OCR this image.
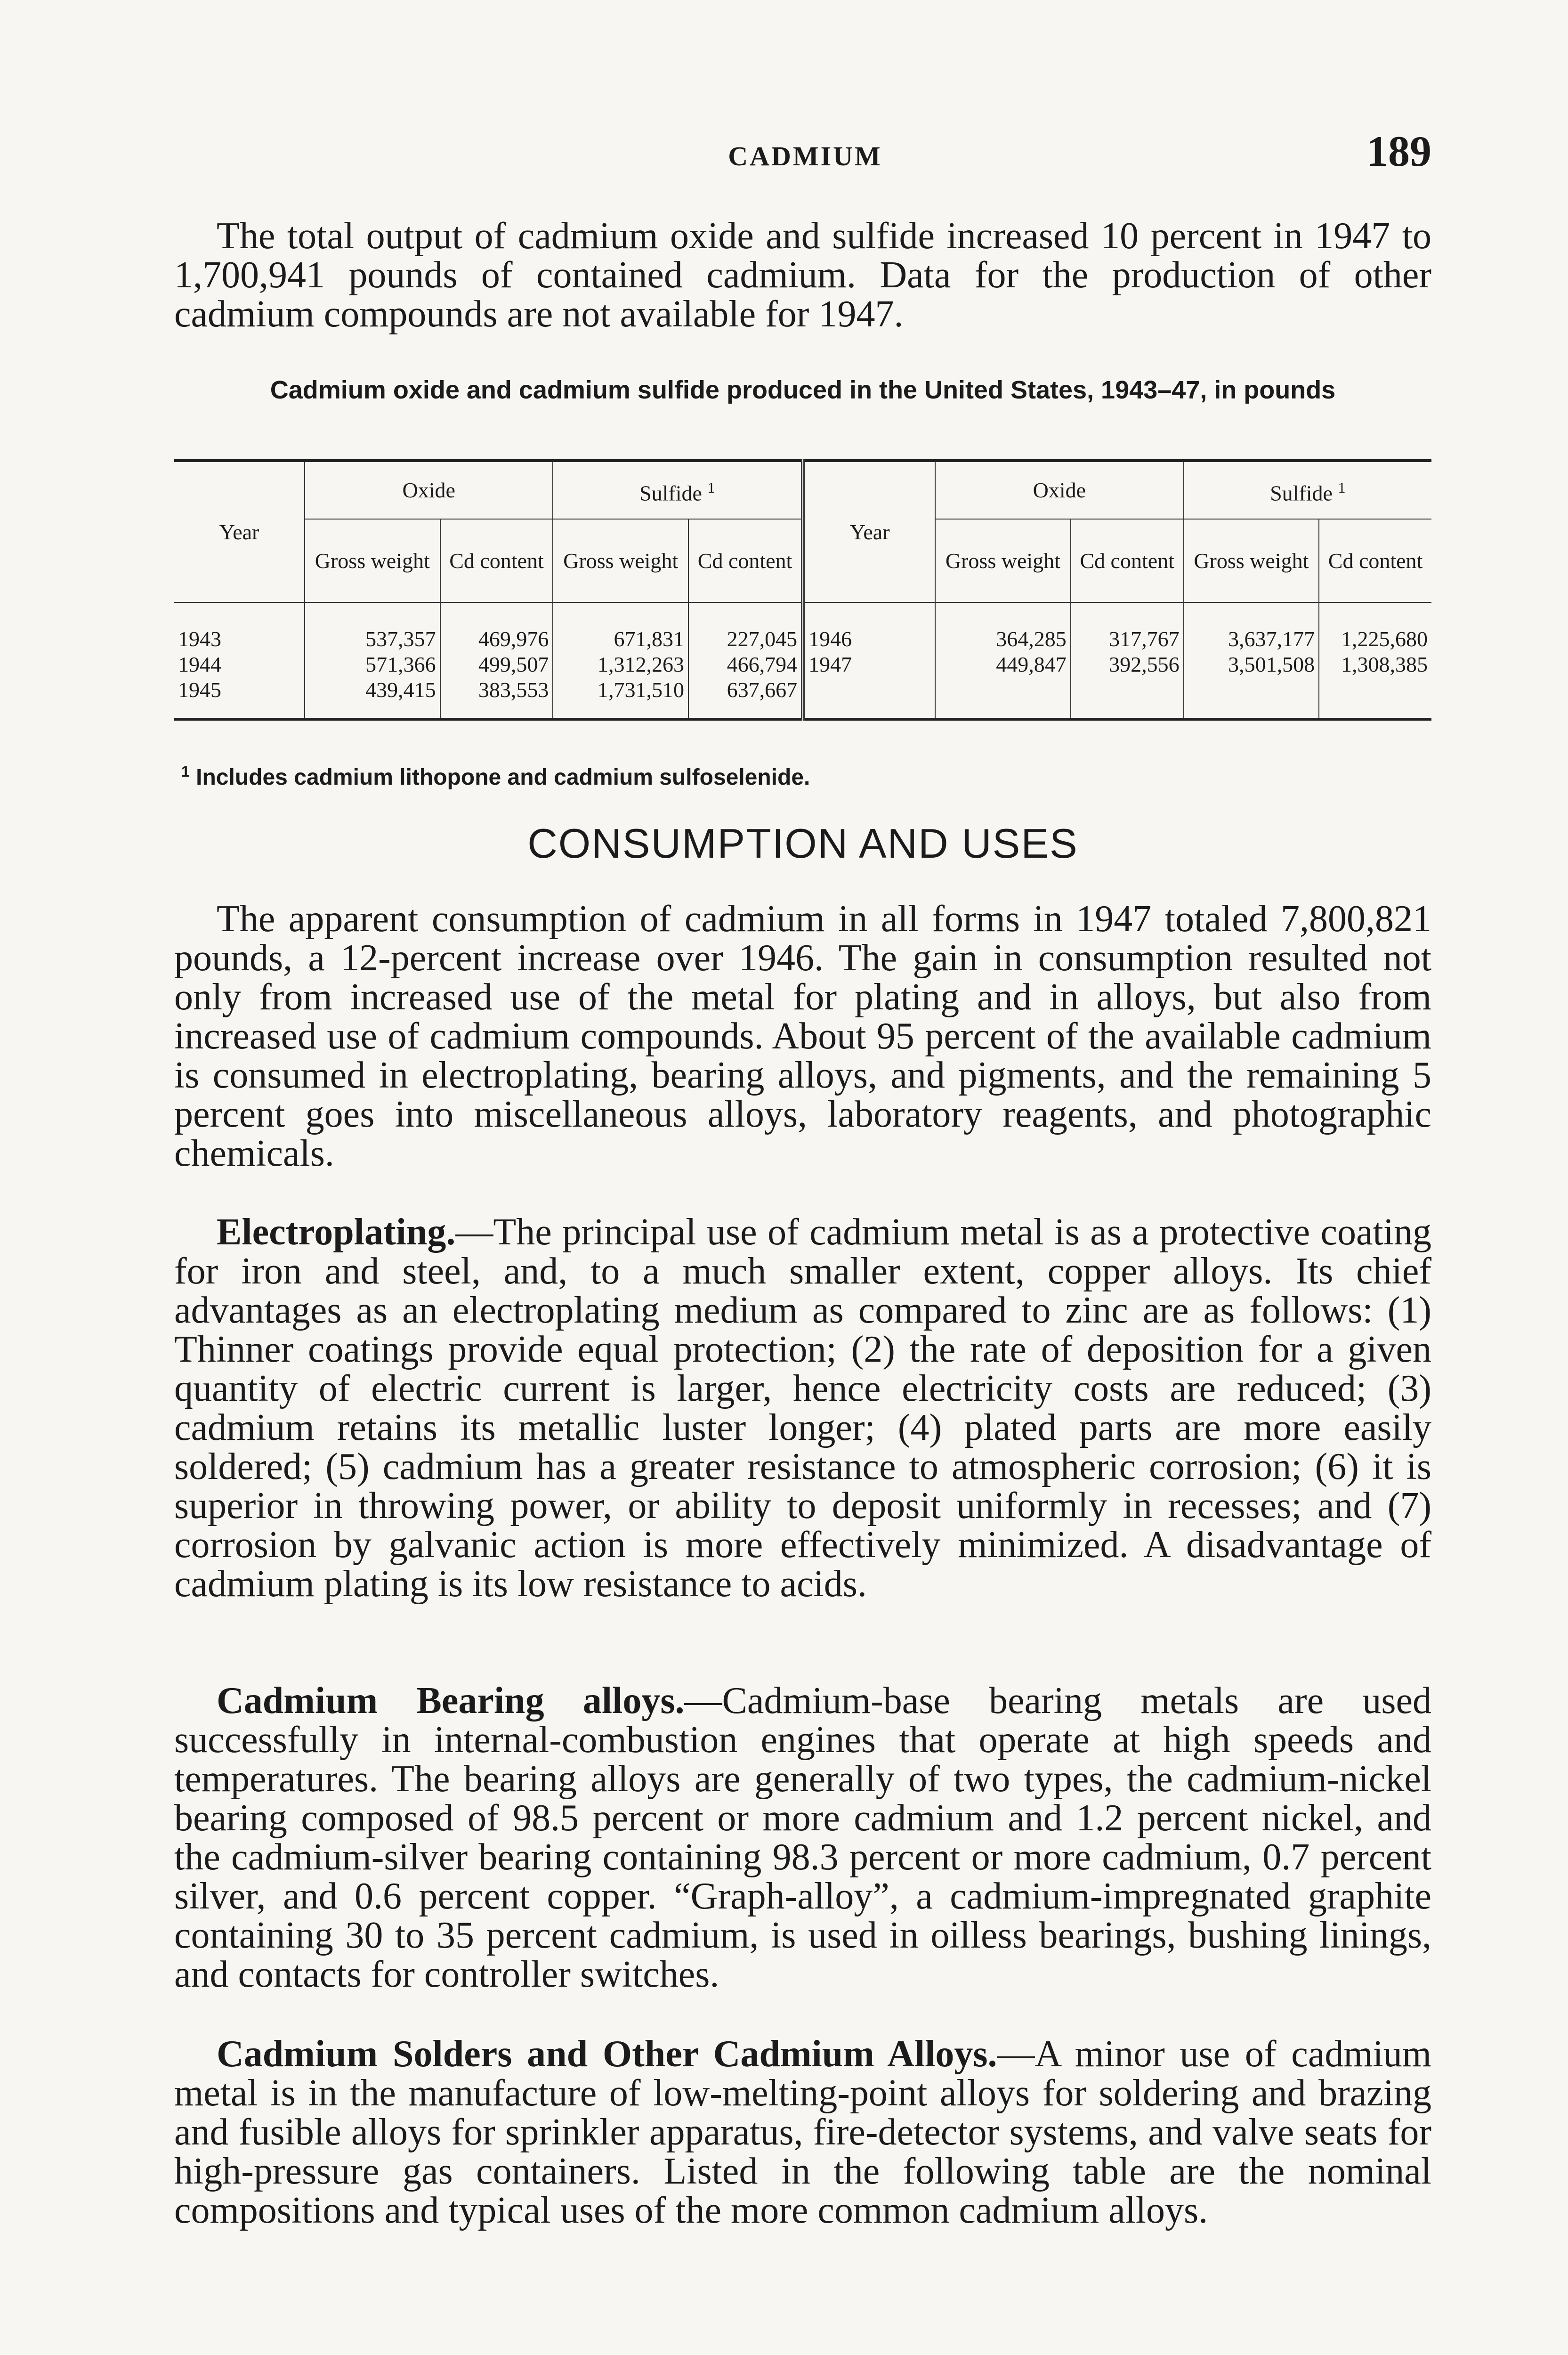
CADMIUM	189

The total output of cadmium oxide and sulfide increased 10 percent in 1947 to 1,700,941 pounds of contained cadmium. Data for the production of other cadmium compounds are not available for 1947.

Cadmium oxide and cadmium sulfide produced in the United States, 1943–47, in pounds
Year	Oxide		Sulfide $^1$		Year	Oxide		Sulfide $^1$
	Gross weight	Cd content	Gross weight	Cd content		Gross weight	Cd content	Gross weight	Cd content
1943	537,357	469,976	671,831	227,045	1946	364,285	317,767	3,637,177	1,225,680
1944	571,366	499,507	1,312,263	466,794	1947	449,847	392,556	3,501,508	1,308,385
1945	439,415	383,553	1,731,510	637,667					
$^1$ Includes cadmium lithopone and cadmium sulfoselenide.
CONSUMPTION AND USES

The apparent consumption of cadmium in all forms in 1947 totaled 7,800,821 pounds, a 12-percent increase over 1946. The gain in consumption resulted not only from increased use of the metal for plating and in alloys, but also from increased use of cadmium compounds. About 95 percent of the available cadmium is consumed in electroplating, bearing alloys, and pigments, and the remaining 5 percent goes into miscellaneous alloys, laboratory reagents, and photographic chemicals.

Electroplating.—The principal use of cadmium metal is as a protective coating for iron and steel, and, to a much smaller extent, copper alloys. Its chief advantages as an electroplating medium as compared to zinc are as follows: (1) Thinner coatings provide equal protection; (2) the rate of deposition for a given quantity of electric current is larger, hence electricity costs are reduced; (3) cadmium retains its metallic luster longer; (4) plated parts are more easily soldered; (5) cadmium has a greater resistance to atmospheric corrosion; (6) it is superior in throwing power, or ability to deposit uniformly in recesses; and (7) corrosion by galvanic action is more effectively minimized. A disadvantage of cadmium plating is its low resistance to acids.

Cadmium Bearing alloys.—Cadmium-base bearing metals are used successfully in internal-combustion engines that operate at high speeds and temperatures. The bearing alloys are generally of two types, the cadmium-nickel bearing composed of 98.5 percent or more cadmium and 1.2 percent nickel, and the cadmium-silver bearing containing 98.3 percent or more cadmium, 0.7 percent silver, and 0.6 percent copper. “Graph-alloy”, a cadmium-impregnated graphite containing 30 to 35 percent cadmium, is used in oilless bearings, bushing linings, and contacts for controller switches.

Cadmium Solders and Other Cadmium Alloys.—A minor use of cadmium metal is in the manufacture of low-melting-point alloys for soldering and brazing and fusible alloys for sprinkler apparatus, fire-detector systems, and valve seats for high-pressure gas containers. Listed in the following table are the nominal compositions and typical uses of the more common cadmium alloys.
